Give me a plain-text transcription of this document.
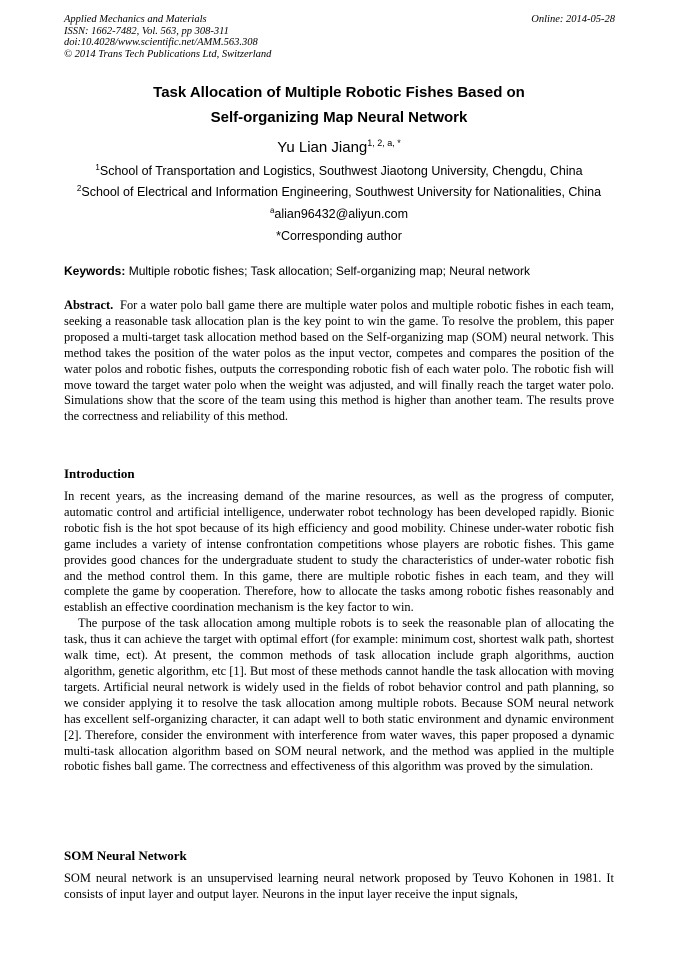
Applied Mechanics and Materials
ISSN: 1662-7482, Vol. 563, pp 308-311
doi:10.4028/www.scientific.net/AMM.563.308
© 2014 Trans Tech Publications Ltd, Switzerland
Online: 2014-05-28
Task Allocation of Multiple Robotic Fishes Based on
Self-organizing Map Neural Network
Yu Lian Jiang$^{1, 2, a, *}$
$^1$School of Transportation and Logistics, Southwest Jiaotong University, Chengdu, China
$^2$School of Electrical and Information Engineering, Southwest University for Nationalities, China
$^a$alian96432@aliyun.com
*Corresponding author
Keywords: Multiple robotic fishes; Task allocation; Self-organizing map; Neural network

Abstract. For a water polo ball game there are multiple water polos and multiple robotic fishes in each team, seeking a reasonable task allocation plan is the key point to win the game. To resolve the problem, this paper proposed a multi-target task allocation method based on the Self-organizing map (SOM) neural network. This method takes the position of the water polos as the input vector, competes and compares the position of the water polos and robotic fishes, outputs the corresponding robotic fish of each water polo. The robotic fish will move toward the target water polo when the weight was adjusted, and will finally reach the target water polo. Simulations show that the score of the team using this method is higher than another team. The results prove the correctness and reliability of this method.

Introduction

In recent years, as the increasing demand of the marine resources, as well as the progress of computer, automatic control and artificial intelligence, underwater robot technology has been developed rapidly. Bionic robotic fish is the hot spot because of its high efficiency and good mobility. Chinese under-water robotic fish game includes a variety of intense confrontation competitions whose players are robotic fishes. This game provides good chances for the undergraduate student to study the characteristics of under-water robotic fish and the method control them. In this game, there are multiple robotic fishes in each team, and they will complete the game by cooperation. Therefore, how to allocate the tasks among robotic fishes reasonably and establish an effective coordination mechanism is the key factor to win.

The purpose of the task allocation among multiple robots is to seek the reasonable plan of allocating the task, thus it can achieve the target with optimal effort (for example: minimum cost, shortest walk path, shortest walk time, ect). At present, the common methods of task allocation include graph algorithms, auction algorithm, genetic algorithm, etc [1]. But most of these methods cannot handle the task allocation with moving targets. Artificial neural network is widely used in the fields of robot behavior control and path planning, so we consider applying it to resolve the task allocation among multiple robots. Because SOM neural network has excellent self-organizing character, it can adapt well to both static environment and dynamic environment [2]. Therefore, consider the environment with interference from water waves, this paper proposed a dynamic multi-task allocation algorithm based on SOM neural network, and the method was applied in the multiple robotic fishes ball game. The correctness and effectiveness of this algorithm was proved by the simulation.

SOM Neural Network

SOM neural network is an unsupervised learning neural network proposed by Teuvo Kohonen in 1981. It consists of input layer and output layer. Neurons in the input layer receive the input signals,
